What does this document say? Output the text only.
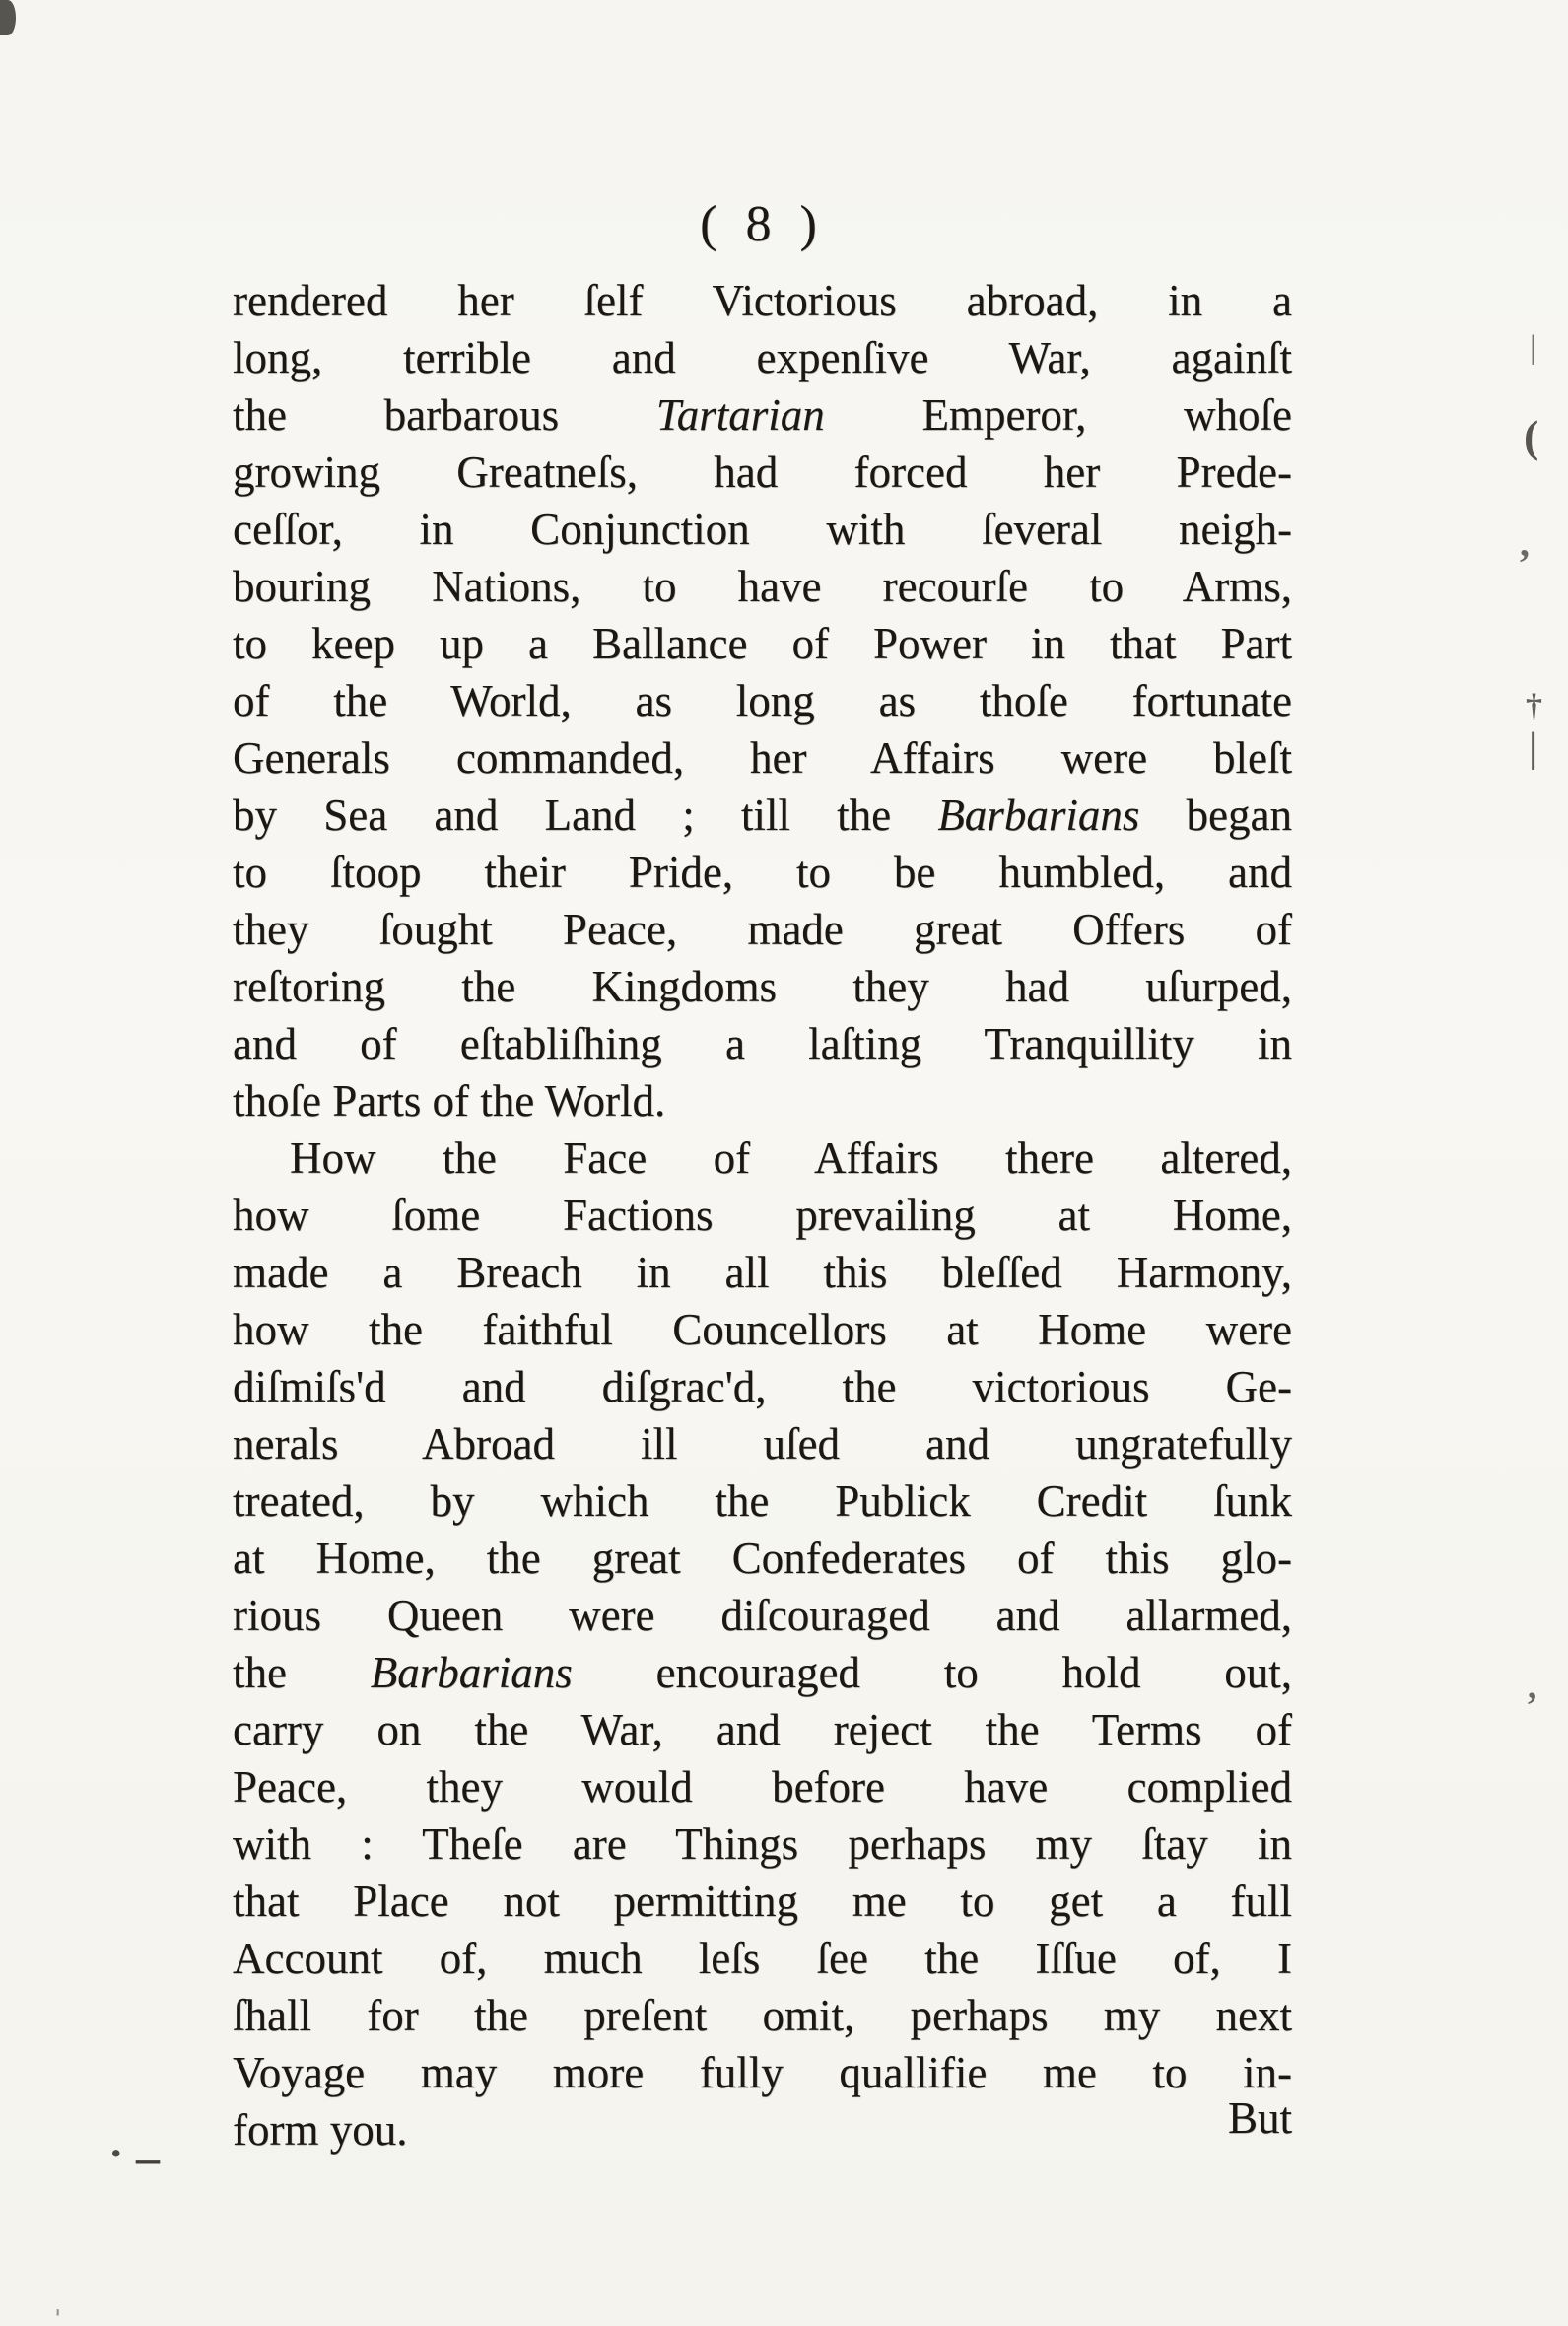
( 8 )
rendered her ſelf Victorious abroad, in a
long, terrible and expenſive War, againſt
the barbarous Tartarian Emperor, whoſe
growing Greatneſs, had forced her Prede-
ceſſor, in Conjunction with ſeveral neigh-
bouring Nations, to have recourſe to Arms,
to keep up a Ballance of Power in that Part
of the World, as long as thoſe fortunate
Generals commanded, her Affairs were bleſt
by Sea and Land ; till the Barbarians began
to ſtoop their Pride, to be humbled, and
they ſought Peace, made great Offers of
reſtoring the Kingdoms they had uſurped,
and of eſtabliſhing a laſting Tranquillity in
thoſe Parts of the World.
How the Face of Affairs there altered,
how ſome Factions prevailing at Home,
made a Breach in all this bleſſed Harmony,
how the faithful Councellors at Home were
diſmiſs'd and diſgrac'd, the victorious Ge-
nerals Abroad ill uſed and ungratefully
treated, by which the Publick Credit ſunk
at Home, the great Confederates of this glo-
rious Queen were diſcouraged and allarmed,
the Barbarians encouraged to hold out,
carry on the War, and reject the Terms of
Peace, they would before have complied
with : Theſe are Things perhaps my ſtay in
that Place not permitting me to get a full
Account of, much leſs ſee the Iſſue of, I
ſhall for the preſent omit, perhaps my next
Voyage may more fully quallifie me to in-
But
form you.
|
(
ʼ
†
|
ʼ
. ‒
ˌ
